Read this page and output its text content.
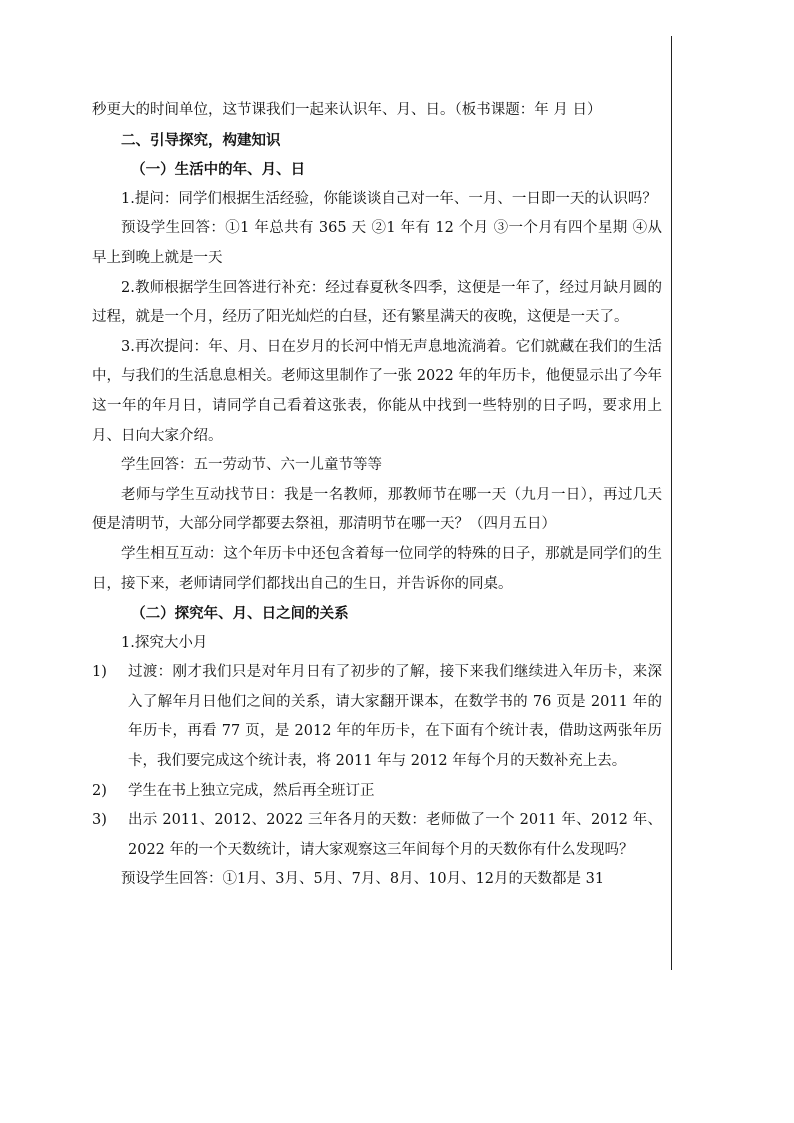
秒更大的时间单位，这节课我们一起来认识年、月、日。（板书课题：年 月 日）

二、引导探究，构建知识

（一）生活中的年、月、日

1.提问：同学们根据生活经验，你能谈谈自己对一年、一月、一日即一天的认识吗？

预设学生回答：①1 年总共有 365 天 ②1 年有 12 个月 ③一个月有四个星期 ④从早上到晚上就是一天

2.教师根据学生回答进行补充：经过春夏秋冬四季，这便是一年了，经过月缺月圆的过程，就是一个月，经历了阳光灿烂的白昼，还有繁星满天的夜晚，这便是一天了。

3.再次提问：年、月、日在岁月的长河中悄无声息地流淌着。它们就藏在我们的生活中，与我们的生活息息相关。老师这里制作了一张 2022 年的年历卡，他便显示出了今年这一年的年月日，请同学自己看着这张表，你能从中找到一些特别的日子吗，要求用上月、日向大家介绍。

学生回答：五一劳动节、六一儿童节等等

老师与学生互动找节日：我是一名教师，那教师节在哪一天（九月一日），再过几天便是清明节，大部分同学都要去祭祖，那清明节在哪一天？（四月五日）

学生相互互动：这个年历卡中还包含着每一位同学的特殊的日子，那就是同学们的生日，接下来，老师请同学们都找出自己的生日，并告诉你的同桌。

（二）探究年、月、日之间的关系

1.探究大小月

1) 过渡：刚才我们只是对年月日有了初步的了解，接下来我们继续进入年历卡，来深入了解年月日他们之间的关系，请大家翻开课本，在数学书的 76 页是 2011 年的年历卡，再看 77 页，是 2012 年的年历卡，在下面有个统计表，借助这两张年历卡，我们要完成这个统计表，将 2011 年与 2012 年每个月的天数补充上去。
2) 学生在书上独立完成，然后再全班订正
3) 出示 2011、2012、2022 三年各月的天数：老师做了一个 2011 年、2012 年、2022 年的一个天数统计，请大家观察这三年间每个月的天数你有什么发现吗？

预设学生回答：①1月、3月、5月、7月、8月、10月、12月的天数都是 31
